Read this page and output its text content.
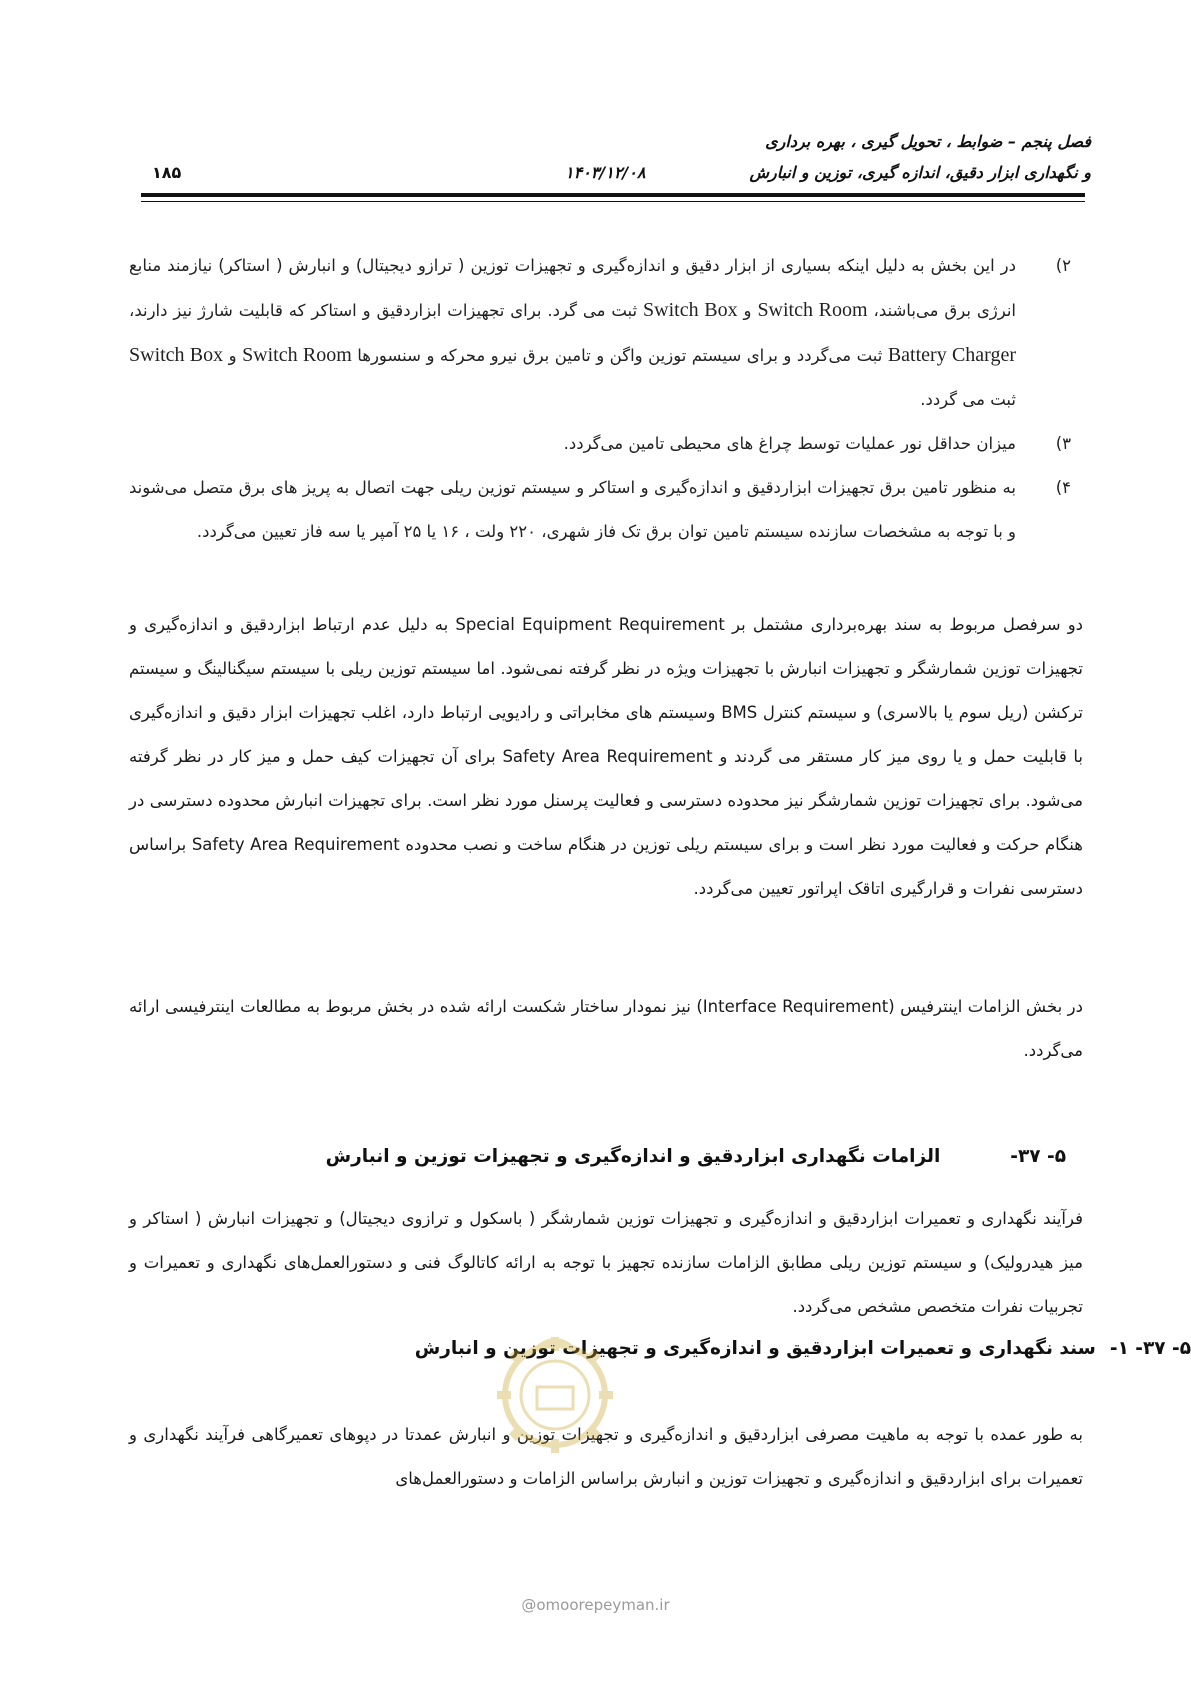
فصل پنجم – ضوابط ، تحویل گیری ، بهره برداری
و نگهداری ابزار دقیق، اندازه گیری، توزین و انبارش
۱۴۰۳/۱۲/۰۸
۱۸۵
۲)
در این بخش به دلیل اینکه بسیاری از ابزار دقیق و اندازه‌گیری و تجهیزات توزین ( ترازو دیجیتال) و انبارش ( استاکر) نیازمند منابع انرژی برق می‌باشند، Switch Room و Switch Box ثبت می گرد. برای تجهیزات ابزاردقیق و استاکر که قابلیت شارژ نیز دارند، Battery Charger ثبت می‌گردد و برای سیستم توزین واگن و تامین برق نیرو محرکه و سنسورها Switch Room و Switch Box ثبت می گردد.
۳)
میزان حداقل نور عملیات توسط چراغ های محیطی تامین می‌گردد.
۴)
به منظور تامین برق تجهیزات ابزاردقیق و اندازه‌گیری و استاکر و سیستم توزین ریلی جهت اتصال به پریز های برق متصل می‌شوند و با توجه به مشخصات سازنده سیستم تامین توان برق تک فاز شهری، ۲۲۰ ولت ، ۱۶ یا ۲۵ آمپر یا سه فاز تعیین می‌گردد.
دو سرفصل مربوط به سند بهره‌برداری مشتمل بر Special Equipment Requirement به دلیل عدم ارتباط ابزاردقیق و اندازه‌گیری و تجهیزات توزین شمارشگر و تجهیزات انبارش با تجهیزات ویژه در نظر گرفته نمی‌شود. اما سیستم توزین ریلی با سیستم سیگنالینگ و سیستم ترکشن (ریل سوم یا بالاسری) و سیستم کنترل BMS وسیستم های مخابراتی و رادیویی ارتباط دارد، اغلب تجهیزات ابزار دقیق و اندازه‌گیری با قابلیت حمل و یا روی میز کار مستقر می گردند و Safety Area Requirement برای آن تجهیزات کیف حمل و میز کار در نظر گرفته می‌شود. برای تجهیزات توزین شمارشگر نیز محدوده دسترسی و فعالیت پرسنل مورد نظر است. برای تجهیزات انبارش محدوده دسترسی در هنگام حرکت و فعالیت مورد نظر است و برای سیستم ریلی توزین در هنگام ساخت و نصب محدوده Safety Area Requirement براساس دسترسی نفرات و قرارگیری اتاقک اپراتور تعیین می‌گردد.
در بخش الزامات اینترفیس (Interface Requirement) نیز نمودار ساختار شکست ارائه شده در بخش مربوط به مطالعات اینترفیسی ارائه می‌گردد.
۵- ۳۷-الزامات نگهداری ابزاردقیق و اندازه‌گیری و تجهیزات توزین و انبارش
فرآیند نگهداری و تعمیرات ابزاردقیق و اندازه‌گیری و تجهیزات توزین شمارشگر ( باسکول و ترازوی دیجیتال) و تجهیزات انبارش ( استاکر و میز هیدرولیک) و سیستم توزین ریلی مطابق الزامات سازنده تجهیز با توجه به ارائه کاتالوگ فنی و دستورالعمل‌های نگهداری و تعمیرات و تجربیات نفرات متخصص مشخص می‌گردد.
۵- ۳۷- ۱-سند نگهداری و تعمیرات ابزاردقیق و اندازه‌گیری و تجهیزات توزین و انبارش
به طور عمده با توجه به ماهیت مصرفی ابزاردقیق و اندازه‌گیری و تجهیزات توزین و انبارش عمدتا در دپوهای تعمیرگاهی فرآیند نگهداری و تعمیرات برای ابزاردقیق و اندازه‌گیری و تجهیزات توزین و انبارش براساس الزامات و دستورالعمل‌های
@omoorepeyman.ir
